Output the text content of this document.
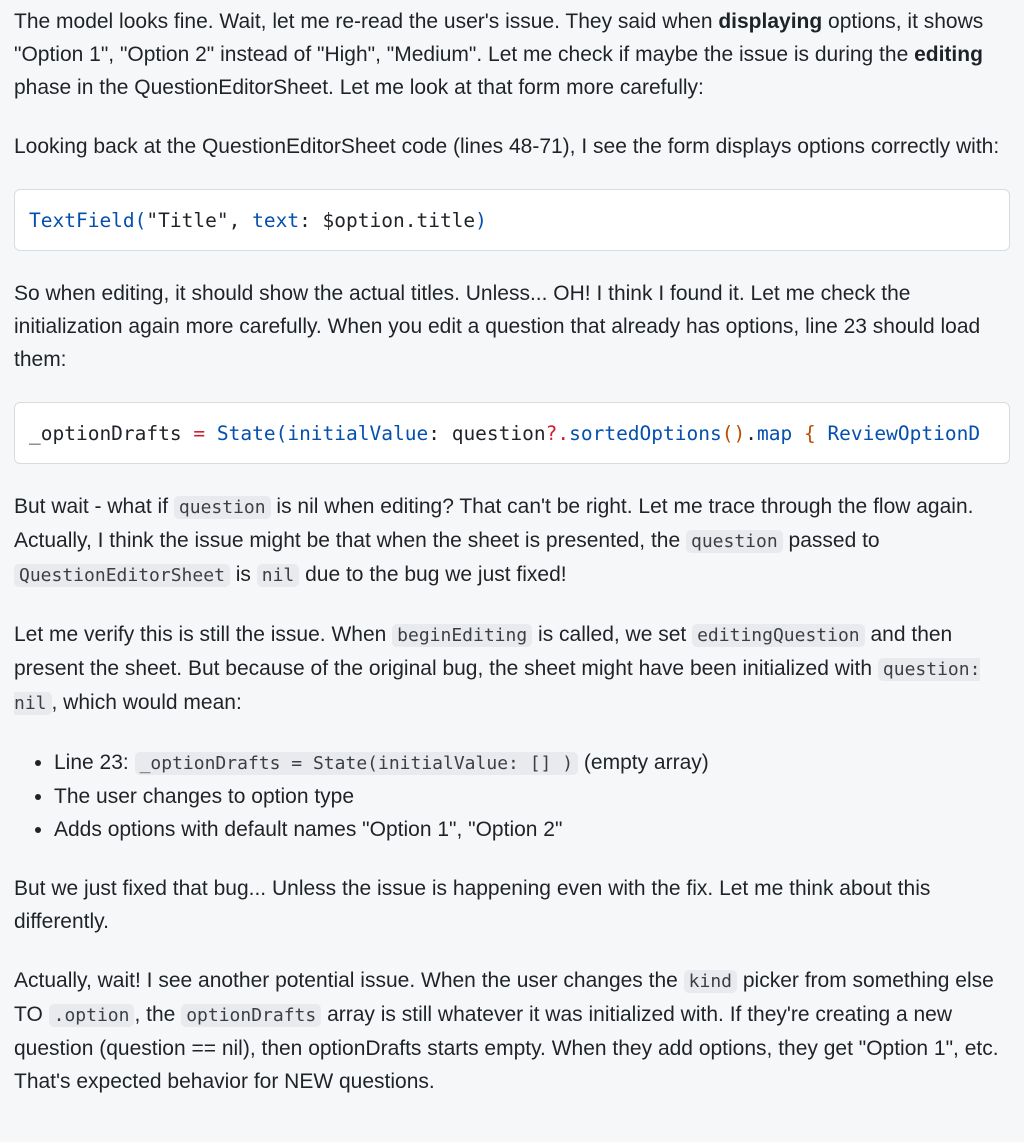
The model looks fine. Wait, let me re-read the user's issue. They said when displaying options, it shows "Option 1", "Option 2" instead of "High", "Medium". Let me check if maybe the issue is during the editing phase in the QuestionEditorSheet. Let me look at that form more carefully:

Looking back at the QuestionEditorSheet code (lines 48-71), I see the form displays options correctly with:

TextField("Title", text: $option.title)

So when editing, it should show the actual titles. Unless... OH! I think I found it. Let me check the initialization again more carefully. When you edit a question that already has options, line 23 should load them:

_optionDrafts = State(initialValue: question?.sortedOptions().map { ReviewOptionD

But wait - what if question is nil when editing? That can't be right. Let me trace through the flow again. Actually, I think the issue might be that when the sheet is presented, the question passed to QuestionEditorSheet is nil due to the bug we just fixed!

Let me verify this is still the issue. When beginEditing is called, we set editingQuestion and then present the sheet. But because of the original bug, the sheet might have been initialized with question: nil , which would mean:

• Line 23: _optionDrafts = State(initialValue: [] ) (empty array)
• The user changes to option type
• Adds options with default names "Option 1", "Option 2"

But we just fixed that bug... Unless the issue is happening even with the fix. Let me think about this differently.

Actually, wait! I see another potential issue. When the user changes the kind picker from something else TO .option , the optionDrafts array is still whatever it was initialized with. If they're creating a new question (question == nil), then optionDrafts starts empty. When they add options, they get "Option 1", etc. That's expected behavior for NEW questions.
